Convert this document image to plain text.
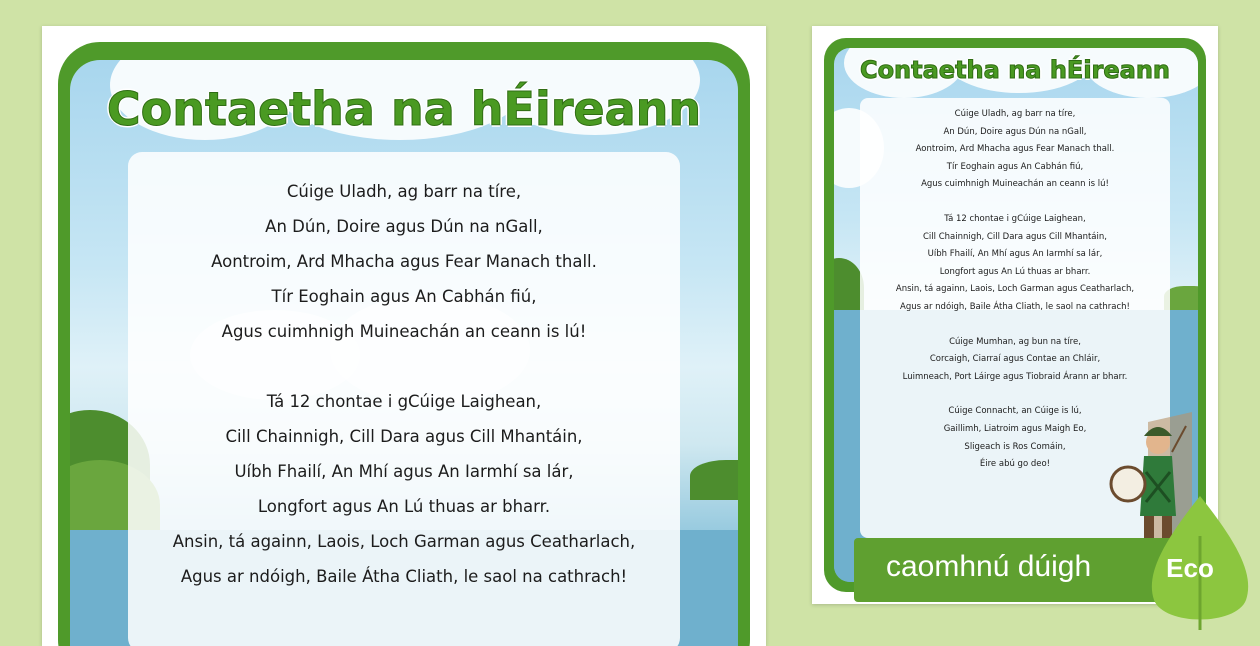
Contaetha na hÉireann

Cúige Uladh, ag barr na tíre,
An Dún, Doire agus Dún na nGall,
Aontroim, Ard Mhacha agus Fear Manach thall.
Tír Eoghain agus An Cabhán fiú,
Agus cuimhnigh Muineachán an ceann is lú!

Tá 12 chontae i gCúige Laighean,
Cill Chainnigh, Cill Dara agus Cill Mhantáin,
Uíbh Fhailí, An Mhí agus An Iarmhí sa lár,
Longfort agus An Lú thuas ar bharr.
Ansin, tá againn, Laois, Loch Garman agus Ceatharlach,
Agus ar ndóigh, Baile Átha Cliath, le saol na cathrach!

Contaetha na hÉireann

Cúige Uladh, ag barr na tíre,
An Dún, Doire agus Dún na nGall,
Aontroim, Ard Mhacha agus Fear Manach thall.
Tír Eoghain agus An Cabhán fiú,
Agus cuimhnigh Muineachán an ceann is lú!

Tá 12 chontae i gCúige Laighean,
Cill Chainnigh, Cill Dara agus Cill Mhantáin,
Uíbh Fhailí, An Mhí agus An Iarmhí sa lár,
Longfort agus An Lú thuas ar bharr.
Ansin, tá againn, Laois, Loch Garman agus Ceatharlach,
Agus ar ndóigh, Baile Átha Cliath, le saol na cathrach!

Cúige Mumhan, ag bun na tíre,
Corcaigh, Ciarraí agus Contae an Chláir,
Luimneach, Port Láirge agus Tiobraid Árann ar bharr.

Cúige Connacht, an Cúige is lú,
Gaillimh, Liatroim agus Maigh Eo,
Sligeach is Ros Comáin,
Éire abú go deo!

caomhnú dúigh	Eco
